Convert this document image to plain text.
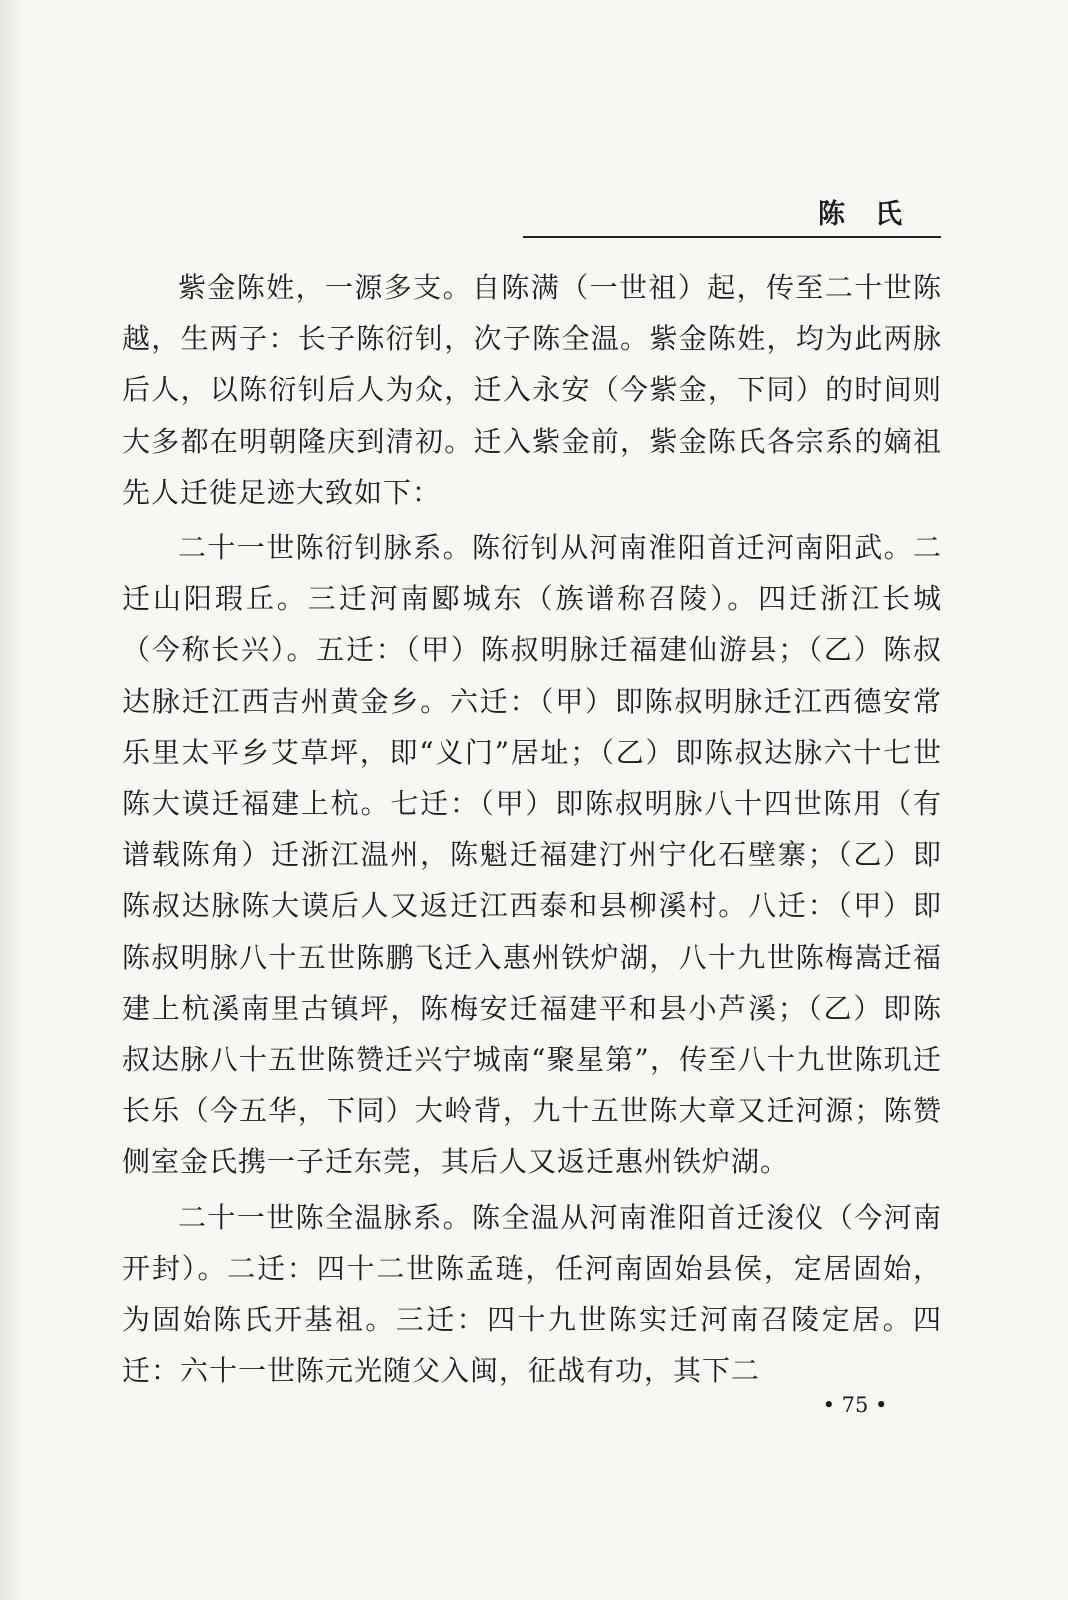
陈氏

紫金陈姓，一源多支。自陈满（一世祖）起，传至二十世陈越，生两子：长子陈衍钊，次子陈全温。紫金陈姓，均为此两脉后人，以陈衍钊后人为众，迁入永安（今紫金，下同）的时间则大多都在明朝隆庆到清初。迁入紫金前，紫金陈氏各宗系的嫡祖先人迁徙足迹大致如下：

二十一世陈衍钊脉系。陈衍钊从河南淮阳首迁河南阳武。二迁山阳瑕丘。三迁河南郾城东（族谱称召陵）。四迁浙江长城（今称长兴）。五迁：（甲）陈叔明脉迁福建仙游县；（乙）陈叔达脉迁江西吉州黄金乡。六迁：（甲）即陈叔明脉迁江西德安常乐里太平乡艾草坪，即“义门”居址；（乙）即陈叔达脉六十七世陈大谟迁福建上杭。七迁：（甲）即陈叔明脉八十四世陈用（有谱载陈角）迁浙江温州，陈魁迁福建汀州宁化石壁寨；（乙）即陈叔达脉陈大谟后人又返迁江西泰和县柳溪村。八迁：（甲）即陈叔明脉八十五世陈鹏飞迁入惠州铁炉湖，八十九世陈梅嵩迁福建上杭溪南里古镇坪，陈梅安迁福建平和县小芦溪；（乙）即陈叔达脉八十五世陈赞迁兴宁城南“聚星第”，传至八十九世陈玑迁长乐（今五华，下同）大岭背，九十五世陈大章又迁河源；陈赞侧室金氏携一子迁东莞，其后人又返迁惠州铁炉湖。

二十一世陈全温脉系。陈全温从河南淮阳首迁浚仪（今河南开封）。二迁：四十二世陈孟琏，任河南固始县侯，定居固始，为固始陈氏开基祖。三迁：四十九世陈实迁河南召陵定居。四迁：六十一世陈元光随父入闽，征战有功，其下二

• 75 •
